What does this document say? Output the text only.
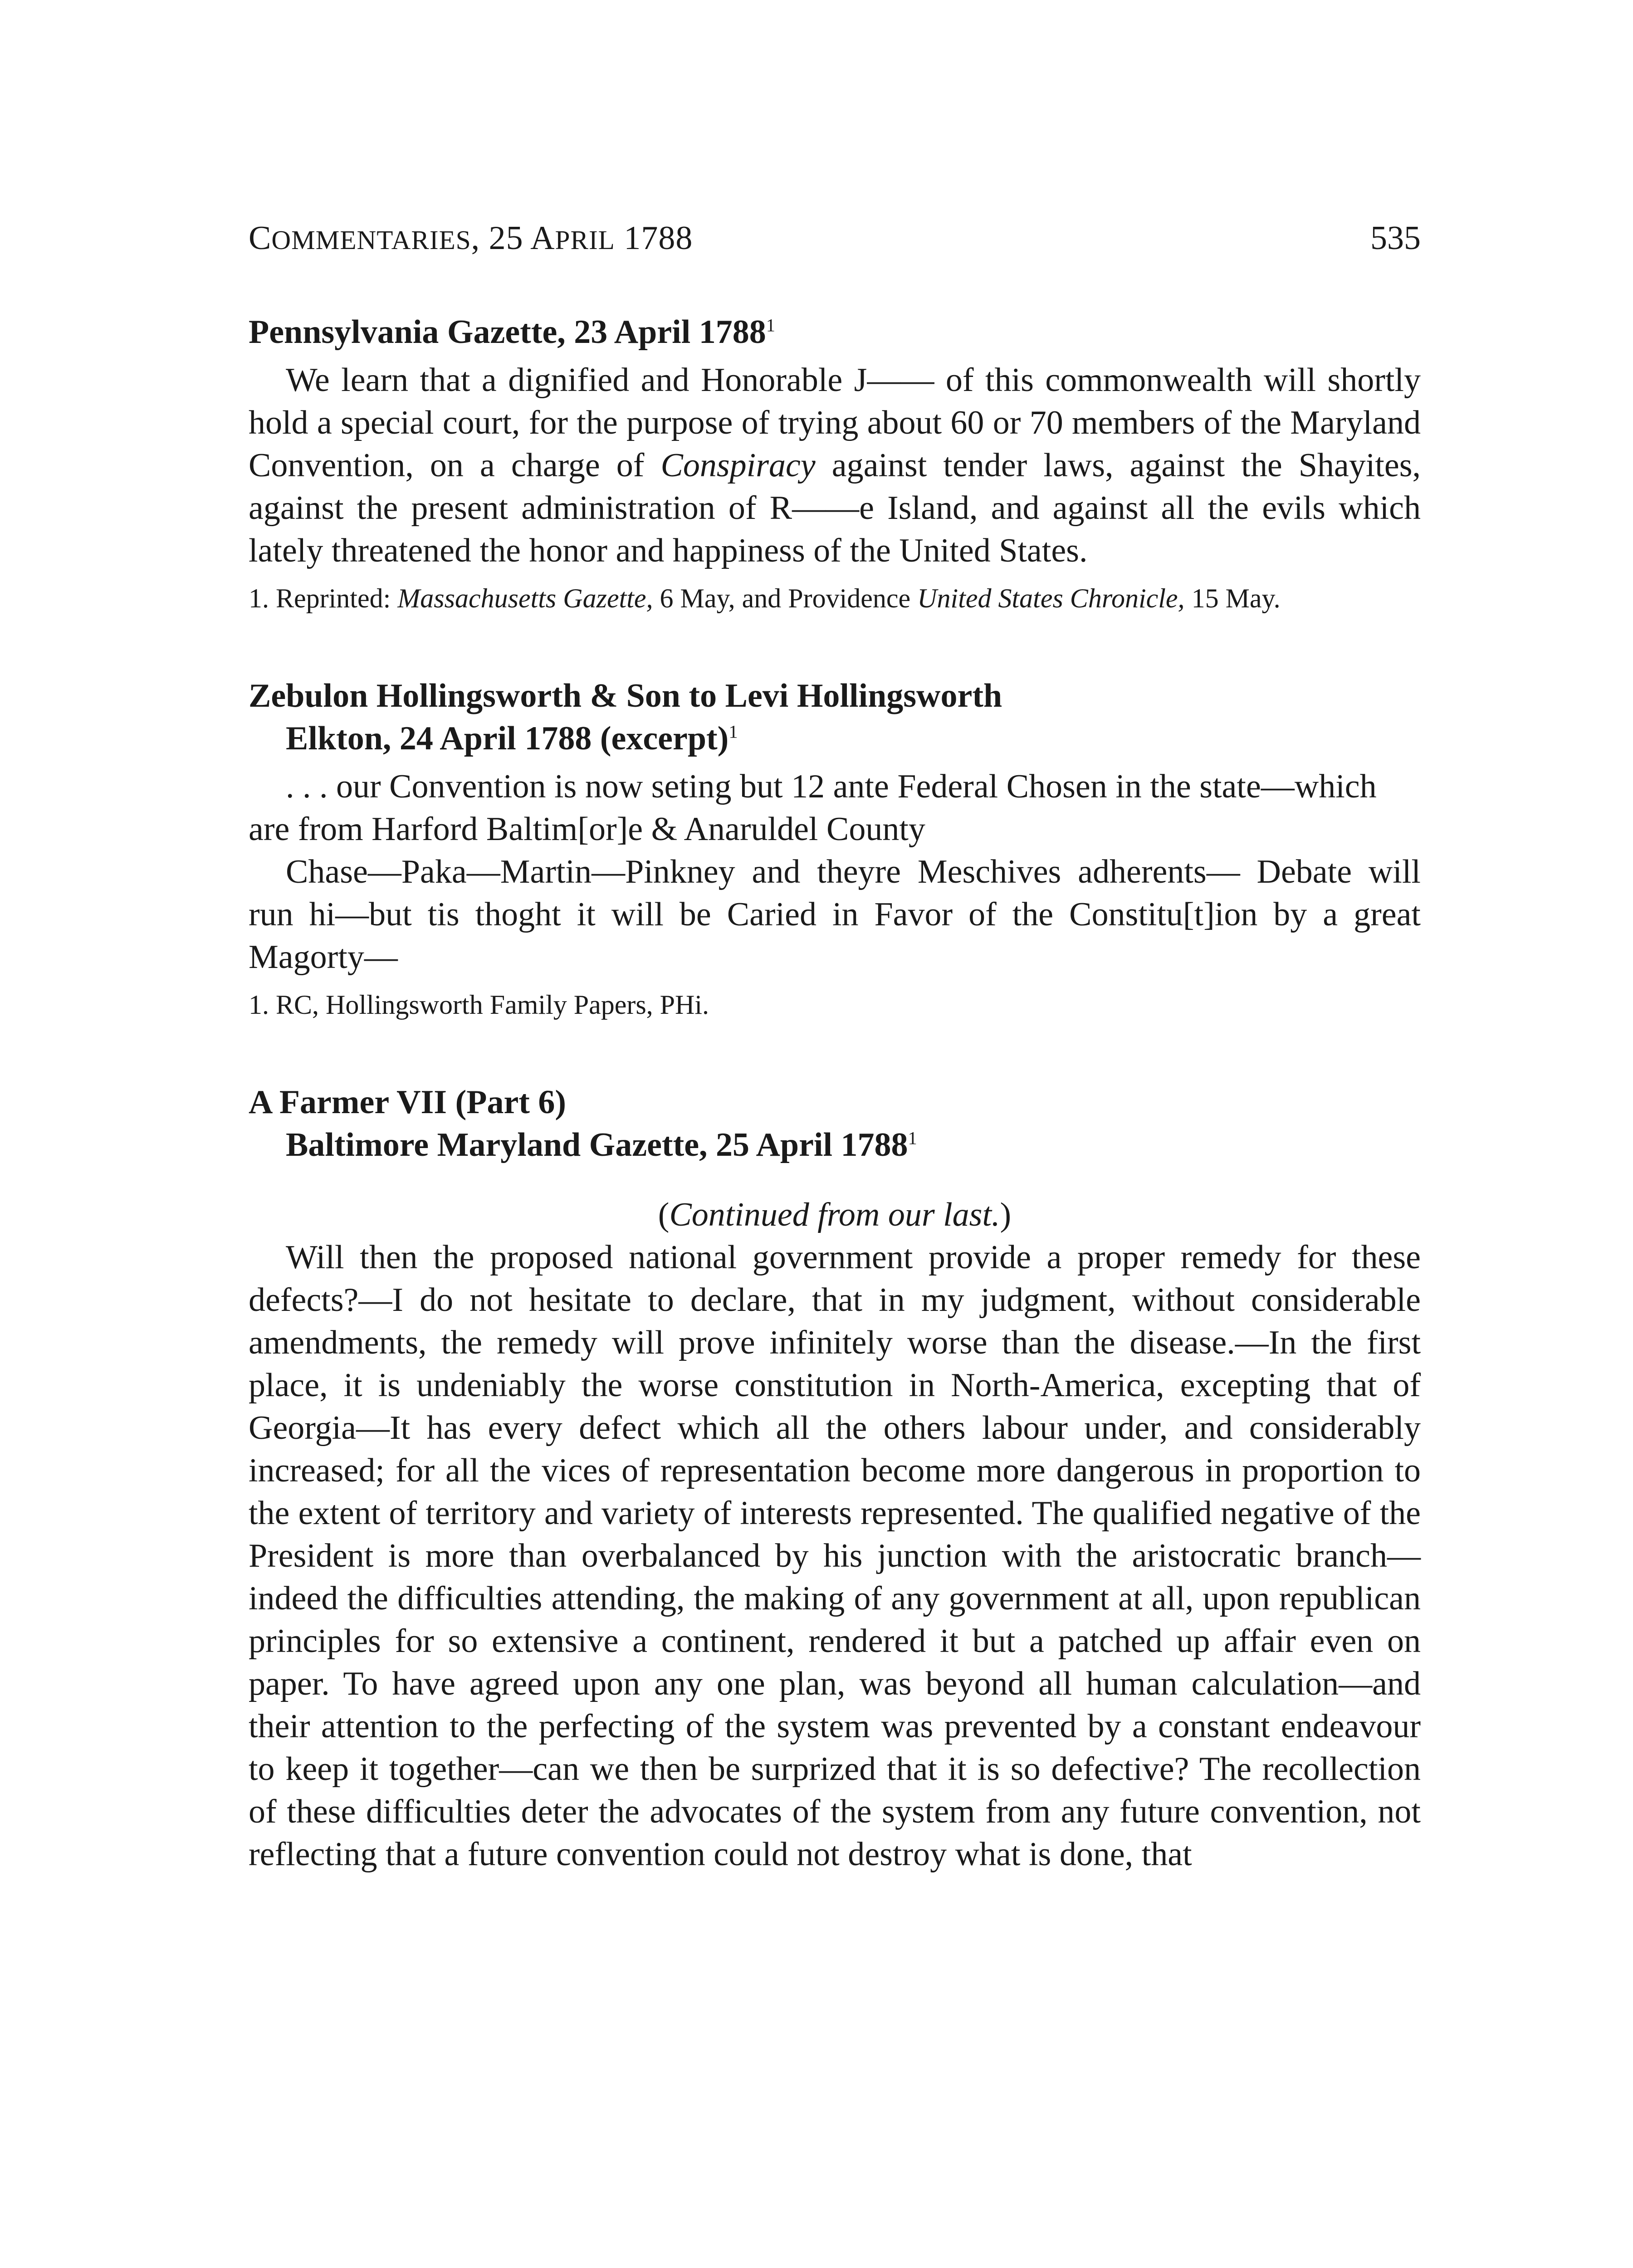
COMMENTARIES, 25 APRIL 1788	535
Pennsylvania Gazette, 23 April 1788$^1$

We learn that a dignified and Honorable J—— of this commonwealth will shortly hold a special court, for the purpose of trying about 60 or 70 members of the Maryland Convention, on a charge of Conspiracy against tender laws, against the Shayites, against the present administration of R——e Island, and against all the evils which lately threatened the honor and happiness of the United States.

1. Reprinted: Massachusetts Gazette, 6 May, and Providence United States Chronicle, 15 May.

Zebulon Hollingsworth & Son to Levi Hollingsworth
Elkton, 24 April 1788 (excerpt)$^1$

. . . our Convention is now seting but 12 ante Federal Chosen in the state—which are from Harford Baltim[or]e & Anaruldel County

Chase—Paka—Martin—Pinkney and theyre Meschives adherents— Debate will run hi—but tis thoght it will be Caried in Favor of the Constitu[t]ion by a great Magorty—

1. RC, Hollingsworth Family Papers, PHi.

A Farmer VII (Part 6)
Baltimore Maryland Gazette, 25 April 1788$^1$
(Continued from our last.)

Will then the proposed national government provide a proper remedy for these defects?—I do not hesitate to declare, that in my judgment, without considerable amendments, the remedy will prove infinitely worse than the disease.—In the first place, it is undeniably the worse constitution in North-America, excepting that of Georgia—It has every defect which all the others labour under, and considerably increased; for all the vices of representation become more dangerous in proportion to the extent of territory and variety of interests represented. The qualified negative of the President is more than overbalanced by his junction with the aristocratic branch—indeed the difficulties attending, the making of any government at all, upon republican principles for so extensive a continent, rendered it but a patched up affair even on paper. To have agreed upon any one plan, was beyond all human calculation—and their attention to the perfecting of the system was prevented by a constant endeavour to keep it together—can we then be surprized that it is so defective? The recollection of these difficulties deter the advocates of the system from any future convention, not reflecting that a future convention could not destroy what is done, that
